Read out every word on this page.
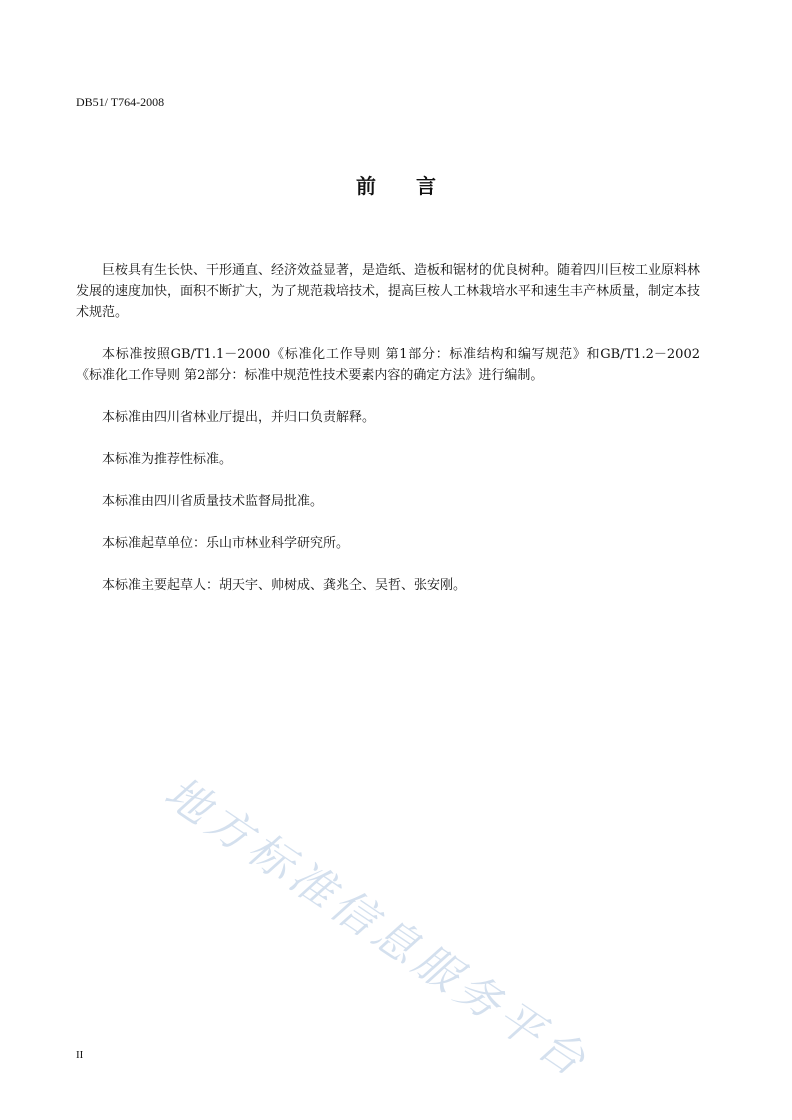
DB51/ T764-2008
前言

巨桉具有生长快、干形通直、经济效益显著，是造纸、造板和锯材的优良树种。随着四川巨桉工业原料林发展的速度加快，面积不断扩大，为了规范栽培技术，提高巨桉人工林栽培水平和速生丰产林质量，制定本技术规范。

本标准按照GB/T1.1－2000《标准化工作导则 第1部分：标准结构和编写规范》和GB/T1.2－2002《标准化工作导则 第2部分：标准中规范性技术要素内容的确定方法》进行编制。

本标准由四川省林业厅提出，并归口负责解释。

本标准为推荐性标准。

本标准由四川省质量技术监督局批准。

本标准起草单位：乐山市林业科学研究所。

本标准主要起草人：胡天宇、帅树成、龚兆仝、吴哲、张安刚。

地方标准信息服务平台
II
